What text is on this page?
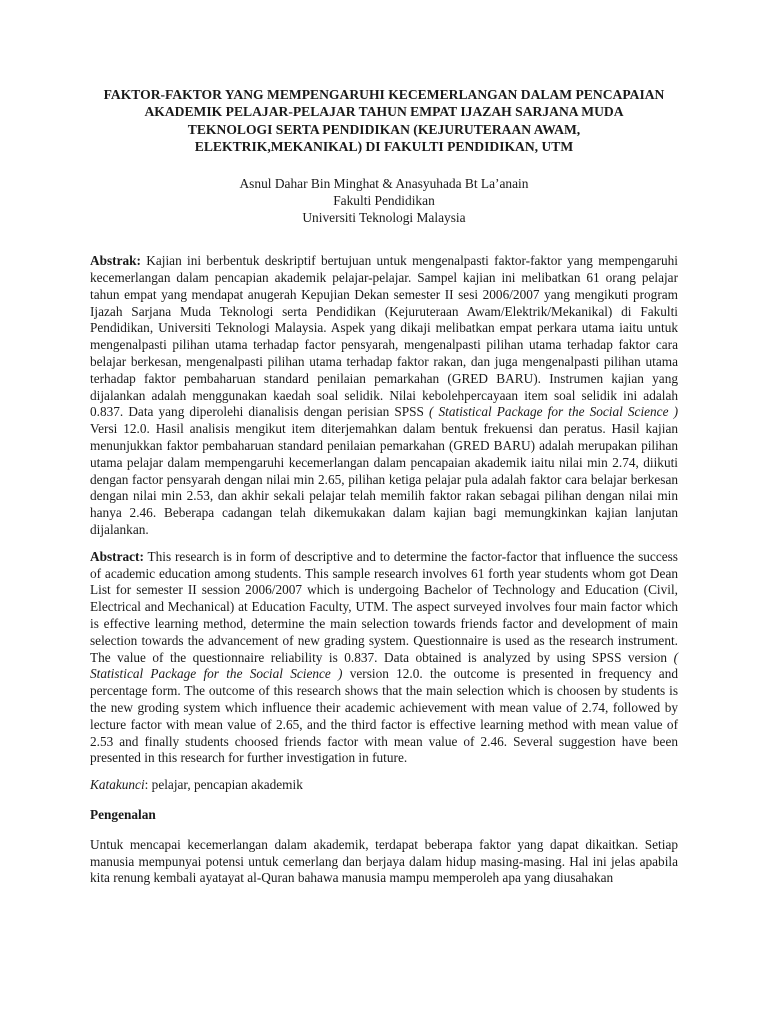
FAKTOR-FAKTOR YANG MEMPENGARUHI KECEMERLANGAN DALAM PENCAPAIAN
AKADEMIK PELAJAR-PELAJAR TAHUN EMPAT IJAZAH SARJANA MUDA
TEKNOLOGI SERTA PENDIDIKAN (KEJURUTERAAN AWAM,
ELEKTRIK,MEKANIKAL) DI FAKULTI PENDIDIKAN, UTM
Asnul Dahar Bin Minghat & Anasyuhada Bt La’anain
Fakulti Pendidikan
Universiti Teknologi Malaysia

Abstrak: Kajian ini berbentuk deskriptif bertujuan untuk mengenalpasti faktor-faktor yang mempengaruhi kecemerlangan dalam pencapian akademik pelajar-pelajar. Sampel kajian ini melibatkan 61 orang pelajar tahun empat yang mendapat anugerah Kepujian Dekan semester II sesi 2006/2007 yang mengikuti program Ijazah Sarjana Muda Teknologi serta Pendidikan (Kejuruteraan Awam/Elektrik/Mekanikal) di Fakulti Pendidikan, Universiti Teknologi Malaysia. Aspek yang dikaji melibatkan empat perkara utama iaitu untuk mengenalpasti pilihan utama terhadap factor pensyarah, mengenalpasti pilihan utama terhadap faktor cara belajar berkesan, mengenalpasti pilihan utama terhadap faktor rakan, dan juga mengenalpasti pilihan utama terhadap faktor pembaharuan standard penilaian pemarkahan (GRED BARU). Instrumen kajian yang dijalankan adalah menggunakan kaedah soal selidik. Nilai kebolehpercayaan item soal selidik ini adalah 0.837. Data yang diperolehi dianalisis dengan perisian SPSS ( Statistical Package for the Social Science ) Versi 12.0. Hasil analisis mengikut item diterjemahkan dalam bentuk frekuensi dan peratus. Hasil kajian menunjukkan faktor pembaharuan standard penilaian pemarkahan (GRED BARU) adalah merupakan pilihan utama pelajar dalam mempengaruhi kecemerlangan dalam pencapaian akademik iaitu nilai min 2.74, diikuti dengan factor pensyarah dengan nilai min 2.65, pilihan ketiga pelajar pula adalah faktor cara belajar berkesan dengan nilai min 2.53, dan akhir sekali pelajar telah memilih faktor rakan sebagai pilihan dengan nilai min hanya 2.46. Beberapa cadangan telah dikemukakan dalam kajian bagi memungkinkan kajian lanjutan dijalankan.

Abstract: This research is in form of descriptive and to determine the factor-factor that influence the success of academic education among students. This sample research involves 61 forth year students whom got Dean List for semester II session 2006/2007 which is undergoing Bachelor of Technology and Education (Civil, Electrical and Mechanical) at Education Faculty, UTM. The aspect surveyed involves four main factor which is effective learning method, determine the main selection towards friends factor and development of main selection towards the advancement of new grading system. Questionnaire is used as the research instrument. The value of the questionnaire reliability is 0.837. Data obtained is analyzed by using SPSS version ( Statistical Package for the Social Science ) version 12.0. the outcome is presented in frequency and percentage form. The outcome of this research shows that the main selection which is choosen by students is the new groding system which influence their academic achievement with mean value of 2.74, followed by lecture factor with mean value of 2.65, and the third factor is effective learning method with mean value of 2.53 and finally students choosed friends factor with mean value of 2.46. Several suggestion have been presented in this research for further investigation in future.

Katakunci: pelajar, pencapian akademik

Pengenalan

Untuk mencapai kecemerlangan dalam akademik, terdapat beberapa faktor yang dapat dikaitkan. Setiap manusia mempunyai potensi untuk cemerlang dan berjaya dalam hidup masing-masing. Hal ini jelas apabila kita renung kembali ayatayat al-Quran bahawa manusia mampu memperoleh apa yang diusahakan
